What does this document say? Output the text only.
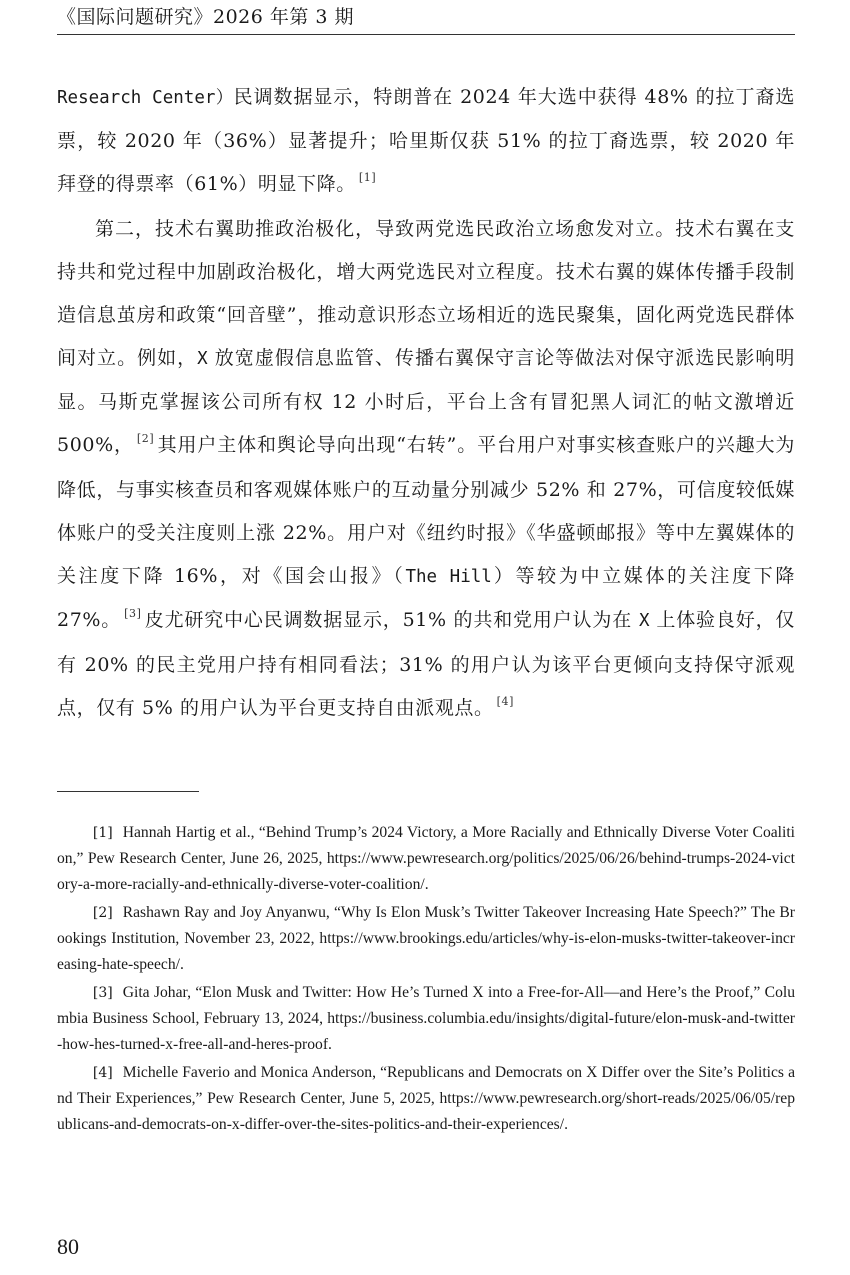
《国际问题研究》2026 年第 3 期

Research Center）民调数据显示，特朗普在 2024 年大选中获得 48% 的拉丁裔选票，较 2020 年（36%）显著提升；哈里斯仅获 51% 的拉丁裔选票，较 2020 年拜登的得票率（61%）明显下降。 [1]

第二，技术右翼助推政治极化，导致两党选民政治立场愈发对立。技术右翼在支持共和党过程中加剧政治极化，增大两党选民对立程度。技术右翼的媒体传播手段制造信息茧房和政策“回音壁”，推动意识形态立场相近的选民聚集，固化两党选民群体间对立。例如，X 放宽虚假信息监管、传播右翼保守言论等做法对保守派选民影响明显。马斯克掌握该公司所有权 12 小时后，平台上含有冒犯黑人词汇的帖文激增近 500%， [2] 其用户主体和舆论导向出现“右转”。平台用户对事实核查账户的兴趣大为降低，与事实核查员和客观媒体账户的互动量分别减少 52% 和 27%，可信度较低媒体账户的受关注度则上涨 22%。用户对《纽约时报》《华盛顿邮报》等中左翼媒体的关注度下降 16%，对《国会山报》（The Hill）等较为中立媒体的关注度下降 27%。 [3] 皮尤研究中心民调数据显示，51% 的共和党用户认为在 X 上体验良好，仅有 20% 的民主党用户持有相同看法；31% 的用户认为该平台更倾向支持保守派观点，仅有 5% 的用户认为平台更支持自由派观点。 [4]

[1] Hannah Hartig et al., “Behind Trump’s 2024 Victory, a More Racially and Ethnically Diverse Voter Coalition,” Pew Research Center, June 26, 2025, https://www.pewresearch.org/politics/2025/06/26/behind-trumps-2024-victory-a-more-racially-and-ethnically-diverse-voter-coalition/.

[2] Rashawn Ray and Joy Anyanwu, “Why Is Elon Musk’s Twitter Takeover Increasing Hate Speech?” The Brookings Institution, November 23, 2022, https://www.brookings.edu/articles/why-is-elon-musks-twitter-takeover-increasing-hate-speech/.

[3] Gita Johar, “Elon Musk and Twitter: How He’s Turned X into a Free-for-All—and Here’s the Proof,” Columbia Business School, February 13, 2024, https://business.columbia.edu/insights/digital-future/elon-musk-and-twitter-how-hes-turned-x-free-all-and-heres-proof.

[4] Michelle Faverio and Monica Anderson, “Republicans and Democrats on X Differ over the Site’s Politics and Their Experiences,” Pew Research Center, June 5, 2025, https://www.pewresearch.org/short-reads/2025/06/05/republicans-and-democrats-on-x-differ-over-the-sites-politics-and-their-experiences/.

80
